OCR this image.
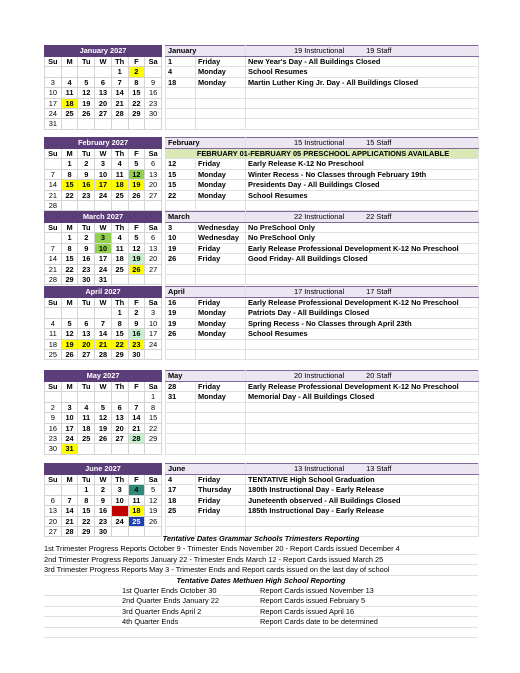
January 2027						
Su	M	Tu	W	Th	F	Sa
				1	2	
3	4	5	6	7	8	9
10	11	12	13	14	15	16
17	18	19	20	21	22	23
24	25	26	27	28	29	30
31						
January		19 Instructional 19 Staff
1	Friday	New Year's Day - All Buildings Closed
4	Monday	School Resumes
18	Monday	Martin Luther King Jr. Day - All Buildings Closed

February 2027						
Su	M	Tu	W	Th	F	Sa
	1	2	3	4	5	6
7	8	9	10	11	12	13
14	15	16	17	18	19	20
21	22	23	24	25	26	27
28						
February		15 Instructional 15 Staff
FEBRUARY 01-FEBRUARY 05 PRESCHOOL APPLICATIONS AVAILABLE		
12	Friday	Early Release K-12 No Preschool
15	Monday	Winter Recess - No Classes through February 19th
15	Monday	Presidents Day - All Buildings Closed
22	Monday	School Resumes

March 2027						
Su	M	Tu	W	Th	F	Sa
	1	2	3	4	5	6
7	8	9	10	11	12	13
14	15	16	17	18	19	20
21	22	23	24	25	26	27
28	29	30	31			
March		22 Instructional 22 Staff
3	Wednesday	No PreSchool Only
10	Wednesday	No PreSchool Only
19	Friday	Early Release Professional Development K-12 No Preschool
26	Friday	Good Friday- All Buildings Closed

April 2027						
Su	M	Tu	W	Th	F	Sa
				1	2	3
4	5	6	7	8	9	10
11	12	13	14	15	16	17
18	19	20	21	22	23	24
25	26	27	28	29	30	
April		17 Instructional 17 Staff
16	Friday	Early Release Professional Development K-12 No Preschool
19	Monday	Patriots Day - All Buildings Closed
19	Monday	Spring Recess - No Classes through April 23th
26	Monday	School Resumes

May 2027						
Su	M	Tu	W	Th	F	Sa
						1
2	3	4	5	6	7	8
9	10	11	12	13	14	15
16	17	18	19	20	21	22
23	24	25	26	27	28	29
30	31					
May		20 Instructional 20 Staff
28	Friday	Early Release Professional Development K-12 No Preschool
31	Monday	Memorial Day - All Buildings Closed

June 2027						
Su	M	Tu	W	Th	F	Sa
		1	2	3	4	5
6	7	8	9	10	11	12
13	14	15	16	17	18	19
20	21	22	23	24	25	26
27	28	29	30			
June		13 Instructional 13 Staff
4	Friday	TENTATIVE High School Graduation
17	Thursday	180th Instructional Day - Early Release
18	Friday	Juneteenth observed - All Buildings Closed
25	Friday	185th Instructional Day - Early Release

Tentative Dates Grammar Schools Trimesters Reporting
1st Trimester Progress Reports October 9 - Trimester Ends November 20 - Report Cards issued December 4
2nd Trimester Progress Reports January 22 - Trimester Ends March 12 - Report Cards issued March 25
3rd Trimester Progress Reports May 3 - Trimester Ends and Report cards issued on the last day of school
Tentative Dates Methuen High School Reporting
1st Quarter Ends October 30	Report Cards issued November 13
2nd Quarter Ends January 22	Report Cards issued February 5
3rd Quarter Ends April 2	Report Cards issued April 16
4th Quarter Ends	Report Cards date to be determined
